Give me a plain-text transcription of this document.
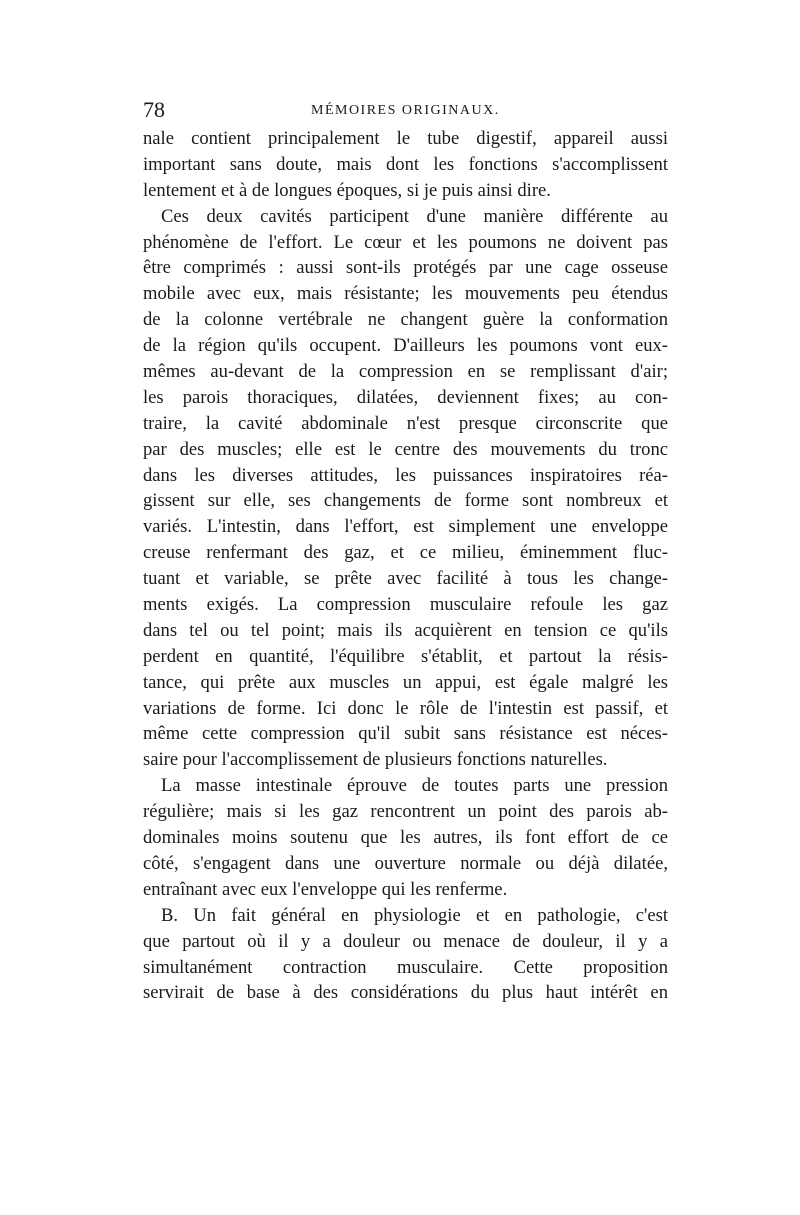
78	MÉMOIRES ORIGINAUX.
nale contient principalement le tube digestif, appareil aussi
important sans doute, mais dont les fonctions s'accomplissent
lentement et à de longues époques, si je puis ainsi dire.
Ces deux cavités participent d'une manière différente au
phénomène de l'effort. Le cœur et les poumons ne doivent pas
être comprimés : aussi sont-ils protégés par une cage osseuse
mobile avec eux, mais résistante; les mouvements peu étendus
de la colonne vertébrale ne changent guère la conformation
de la région qu'ils occupent. D'ailleurs les poumons vont eux-
mêmes au-devant de la compression en se remplissant d'air;
les parois thoraciques, dilatées, deviennent fixes; au con-
traire, la cavité abdominale n'est presque circonscrite que
par des muscles; elle est le centre des mouvements du tronc
dans les diverses attitudes, les puissances inspiratoires réa-
gissent sur elle, ses changements de forme sont nombreux et
variés. L'intestin, dans l'effort, est simplement une enveloppe
creuse renfermant des gaz, et ce milieu, éminemment fluc-
tuant et variable, se prête avec facilité à tous les change-
ments exigés. La compression musculaire refoule les gaz
dans tel ou tel point; mais ils acquièrent en tension ce qu'ils
perdent en quantité, l'équilibre s'établit, et partout la résis-
tance, qui prête aux muscles un appui, est égale malgré les
variations de forme. Ici donc le rôle de l'intestin est passif, et
même cette compression qu'il subit sans résistance est néces-
saire pour l'accomplissement de plusieurs fonctions naturelles.
La masse intestinale éprouve de toutes parts une pression
régulière; mais si les gaz rencontrent un point des parois ab-
dominales moins soutenu que les autres, ils font effort de ce
côté, s'engagent dans une ouverture normale ou déjà dilatée,
entraînant avec eux l'enveloppe qui les renferme.
B. Un fait général en physiologie et en pathologie, c'est
que partout où il y a douleur ou menace de douleur, il y a
simultanément contraction musculaire. Cette proposition
servirait de base à des considérations du plus haut intérêt en
